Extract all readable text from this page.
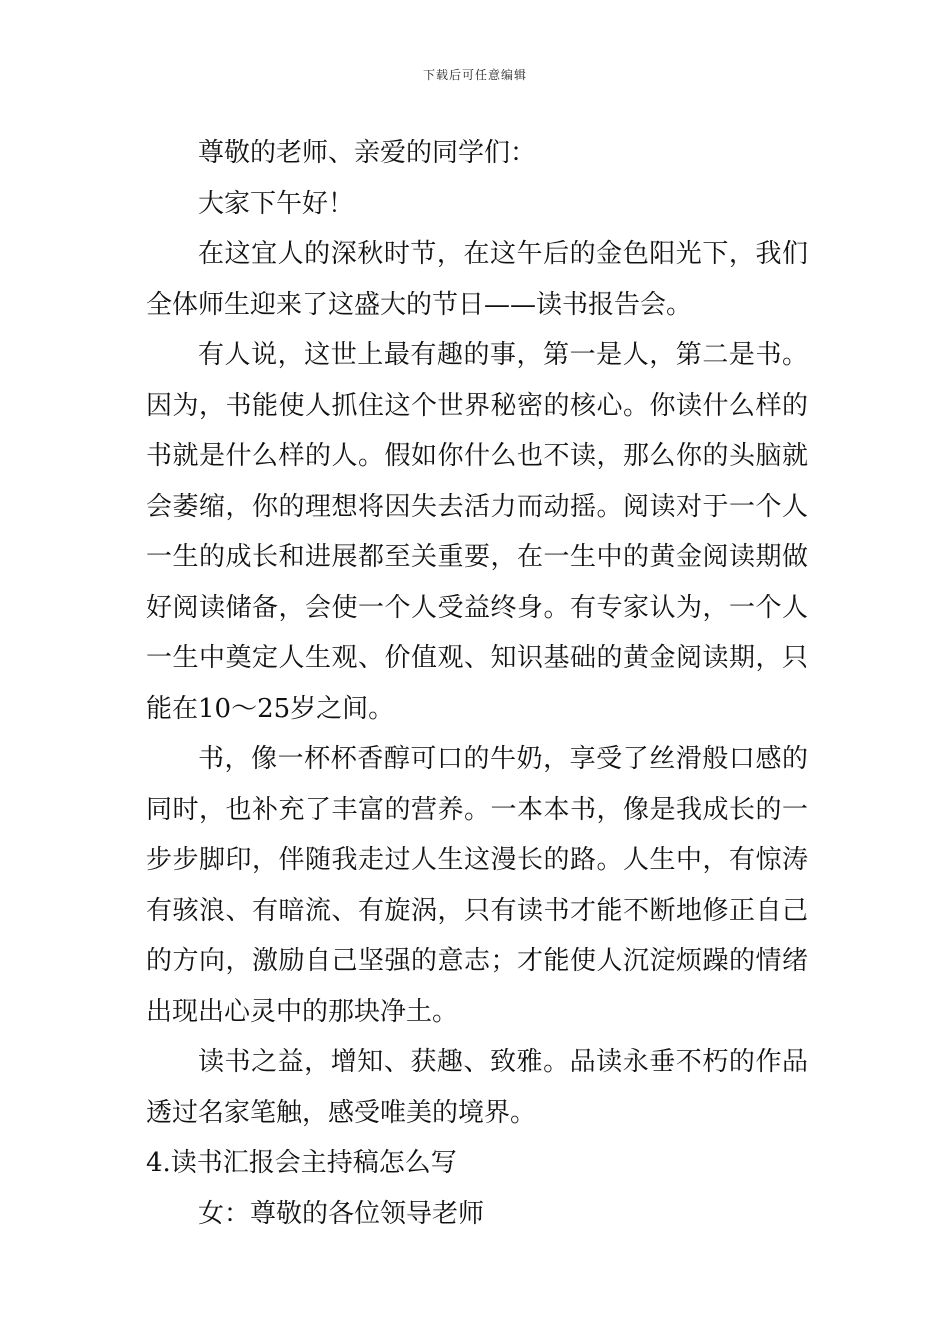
下载后可任意编辑

尊敬的老师、亲爱的同学们：

大家下午好！

在这宜人的深秋时节，在这午后的金色阳光下，我们全体师生迎来了这盛大的节日——读书报告会。

有人说，这世上最有趣的事，第一是人，第二是书。因为，书能使人抓住这个世界秘密的核心。你读什么样的书就是什么样的人。假如你什么也不读，那么你的头脑就会萎缩，你的理想将因失去活力而动摇。阅读对于一个人一生的成长和进展都至关重要，在一生中的黄金阅读期做好阅读储备，会使一个人受益终身。有专家认为，一个人一生中奠定人生观、价值观、知识基础的黄金阅读期，只能在10～25岁之间。

书，像一杯杯香醇可口的牛奶，享受了丝滑般口感的同时，也补充了丰富的营养。一本本书，像是我成长的一步步脚印，伴随我走过人生这漫长的路。人生中，有惊涛有骇浪、有暗流、有旋涡，只有读书才能不断地修正自己的方向，激励自己坚强的意志；才能使人沉淀烦躁的情绪出现出心灵中的那块净土。

读书之益，增知、获趣、致雅。品读永垂不朽的作品透过名家笔触，感受唯美的境界。

4.读书汇报会主持稿怎么写

女：尊敬的各位领导老师
